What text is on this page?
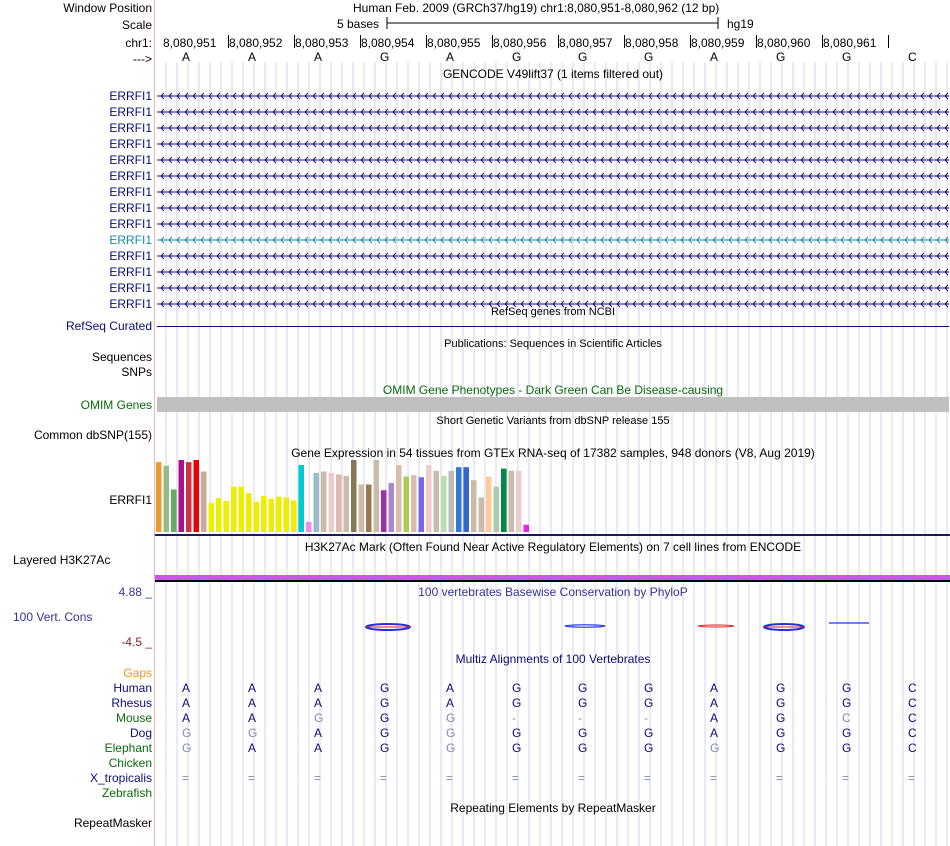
Window Position	Human Feb. 2009 (GRCh37/hg19) chr1:8,080,951-8,080,962 (12 bp)
Scale	5 bases	hg19
chr1: 8,080,951 8,080,952 8,080,953 8,080,954 8,080,955 8,080,956 8,080,957 8,080,958 8,080,959 8,080,960 8,080,961
--->	A	A	A	G	A	G	G	G	A	G	G	C
GENCODE V49lift37 (1 items filtered out)
ERRFI1
ERRFI1
ERRFI1
ERRFI1
ERRFI1
ERRFI1
ERRFI1
ERRFI1
ERRFI1
ERRFI1
ERRFI1
ERRFI1
ERRFI1
ERRFI1
RefSeq genes from NCBI
RefSeq Curated
Publications: Sequences in Scientific Articles
Sequences
SNPs
OMIM Gene Phenotypes - Dark Green Can Be Disease-causing
OMIM Genes
Short Genetic Variants from dbSNP release 155
Common dbSNP(155)
Gene Expression in 54 tissues from GTEx RNA-seq of 17382 samples, 948 donors (V8, Aug 2019)
ERRFI1
H3K27Ac Mark (Often Found Near Active Regulatory Elements) on 7 cell lines from ENCODE
Layered H3K27Ac
4.88 _	100 vertebrates Basewise Conservation by PhyloP
100 Vert. Cons
-4.5 _
Multiz Alignments of 100 Vertebrates
Gaps
Human	A	A	A	G	A	G	G	G	A	G	G	C
Rhesus	A	A	A	G	A	G	G	G	A	G	G	C
Mouse	A	A	G	G	G	-	-	-	A	G	C	C
Dog	G	G	A	G	G	G	G	G	A	G	G	C
Elephant	G	A	A	G	G	G	G	G	G	G	G	C
Chicken
X_tropicalis	=	=	=	=	=	=	=	=	=	=	=	=
Zebrafish
Repeating Elements by RepeatMasker
RepeatMasker
